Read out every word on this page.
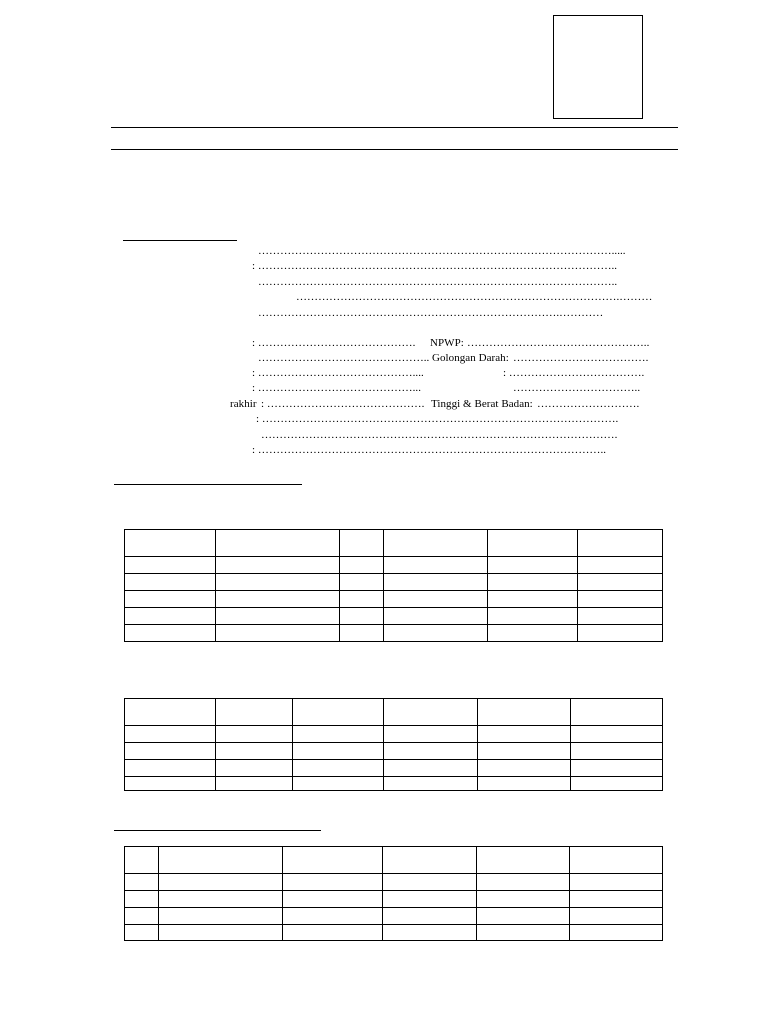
…………………………………………………………………………………….....
: ……………………………………………………………………………………..
……………………………………………………………………………………..
…………………………………………………………………………….………
……………………………………………………………………….…………
: ……………………………………. NPWP: …………………………………………..
……………………………………….. Golongan Darah: ……………………………….
: ……………………………………....	: ……………………………….
: ……………………………………...	……………………………..
rakhir : ……………………………………. Tinggi & Berat Badan: ……………………….
: …………………………………………………………………………………….
…………………………………………………………………………………….
: …………………………………………………………………………………..
